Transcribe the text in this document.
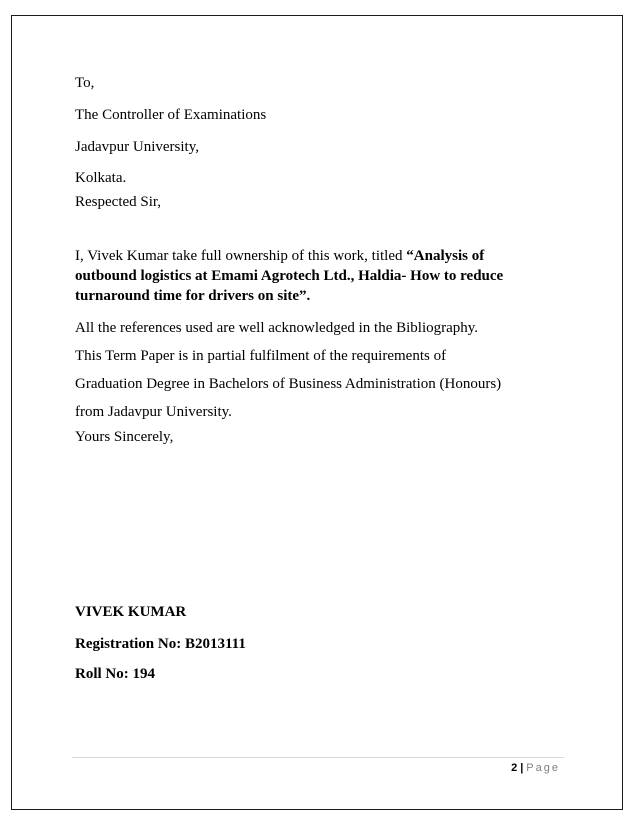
To,
The Controller of Examinations
Jadavpur University,
Kolkata.
Respected Sir,
I, Vivek Kumar take full ownership of this work, titled “Analysis of
outbound logistics at Emami Agrotech Ltd., Haldia- How to reduce
turnaround time for drivers on site”.
All the references used are well acknowledged in the Bibliography.
This Term Paper is in partial fulfilment of the requirements of
Graduation Degree in Bachelors of Business Administration (Honours)
from Jadavpur University.
Yours Sincerely,
VIVEK KUMAR
Registration No: B2013111
Roll No: 194
2 | Page
